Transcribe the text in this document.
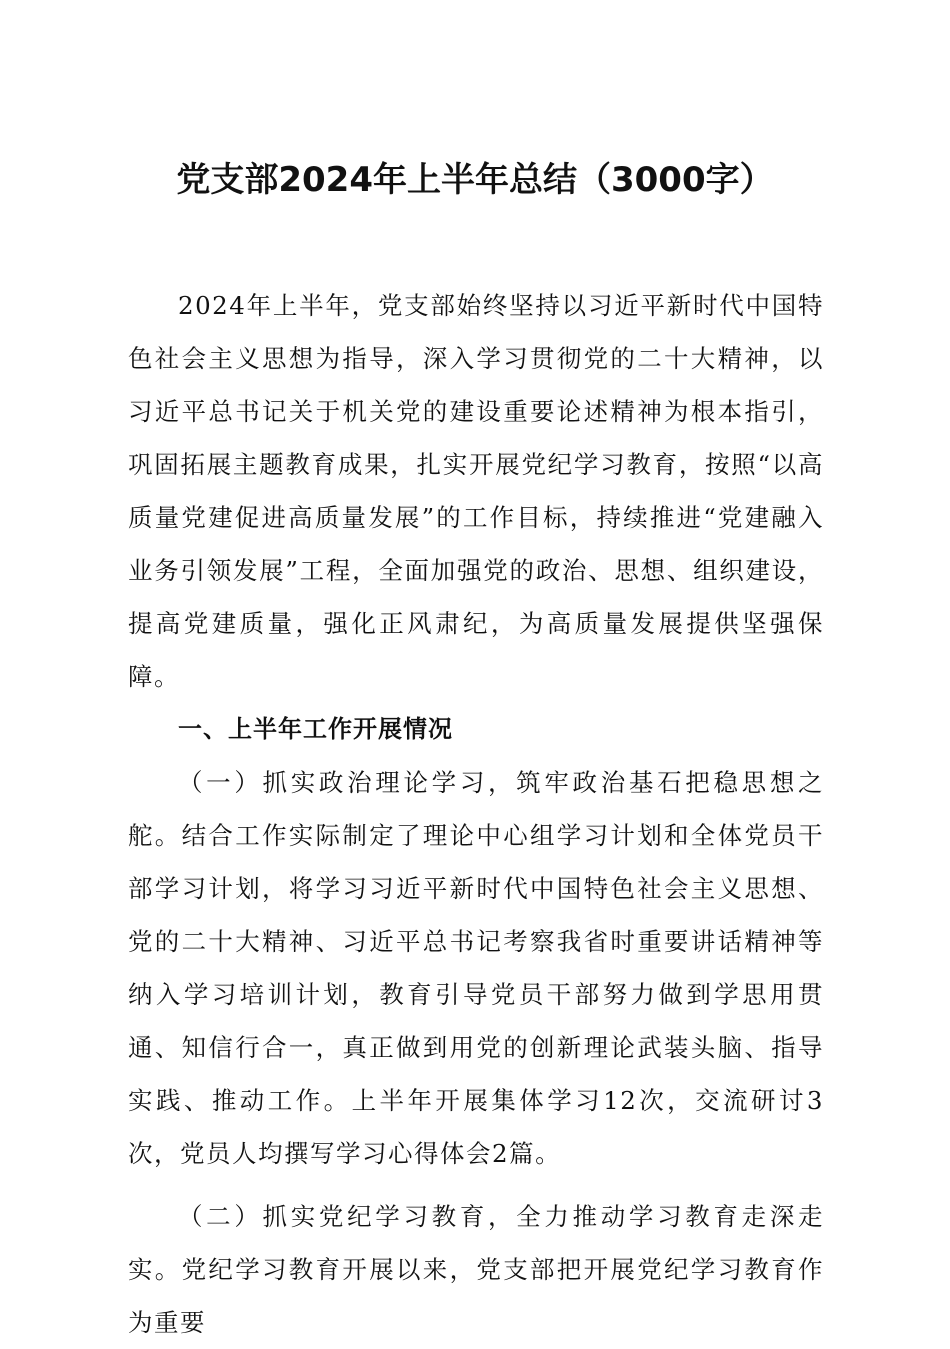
党支部2024年上半年总结（3000字）

2024年上半年，党支部始终坚持以习近平新时代中国特色社会主义思想为指导，深入学习贯彻党的二十大精神，以习近平总书记关于机关党的建设重要论述精神为根本指引，巩固拓展主题教育成果，扎实开展党纪学习教育，按照“以高质量党建促进高质量发展”的工作目标，持续推进“党建融入业务引领发展”工程，全面加强党的政治、思想、组织建设，提高党建质量，强化正风肃纪，为高质量发展提供坚强保障。

一、上半年工作开展情况

（一）抓实政治理论学习，筑牢政治基石把稳思想之舵。结合工作实际制定了理论中心组学习计划和全体党员干部学习计划，将学习习近平新时代中国特色社会主义思想、党的二十大精神、习近平总书记考察我省时重要讲话精神等纳入学习培训计划，教育引导党员干部努力做到学思用贯通、知信行合一，真正做到用党的创新理论武装头脑、指导实践、推动工作。上半年开展集体学习12次，交流研讨3次，党员人均撰写学习心得体会2篇。

（二）抓实党纪学习教育，全力推动学习教育走深走实。党纪学习教育开展以来，党支部把开展党纪学习教育作为重要
